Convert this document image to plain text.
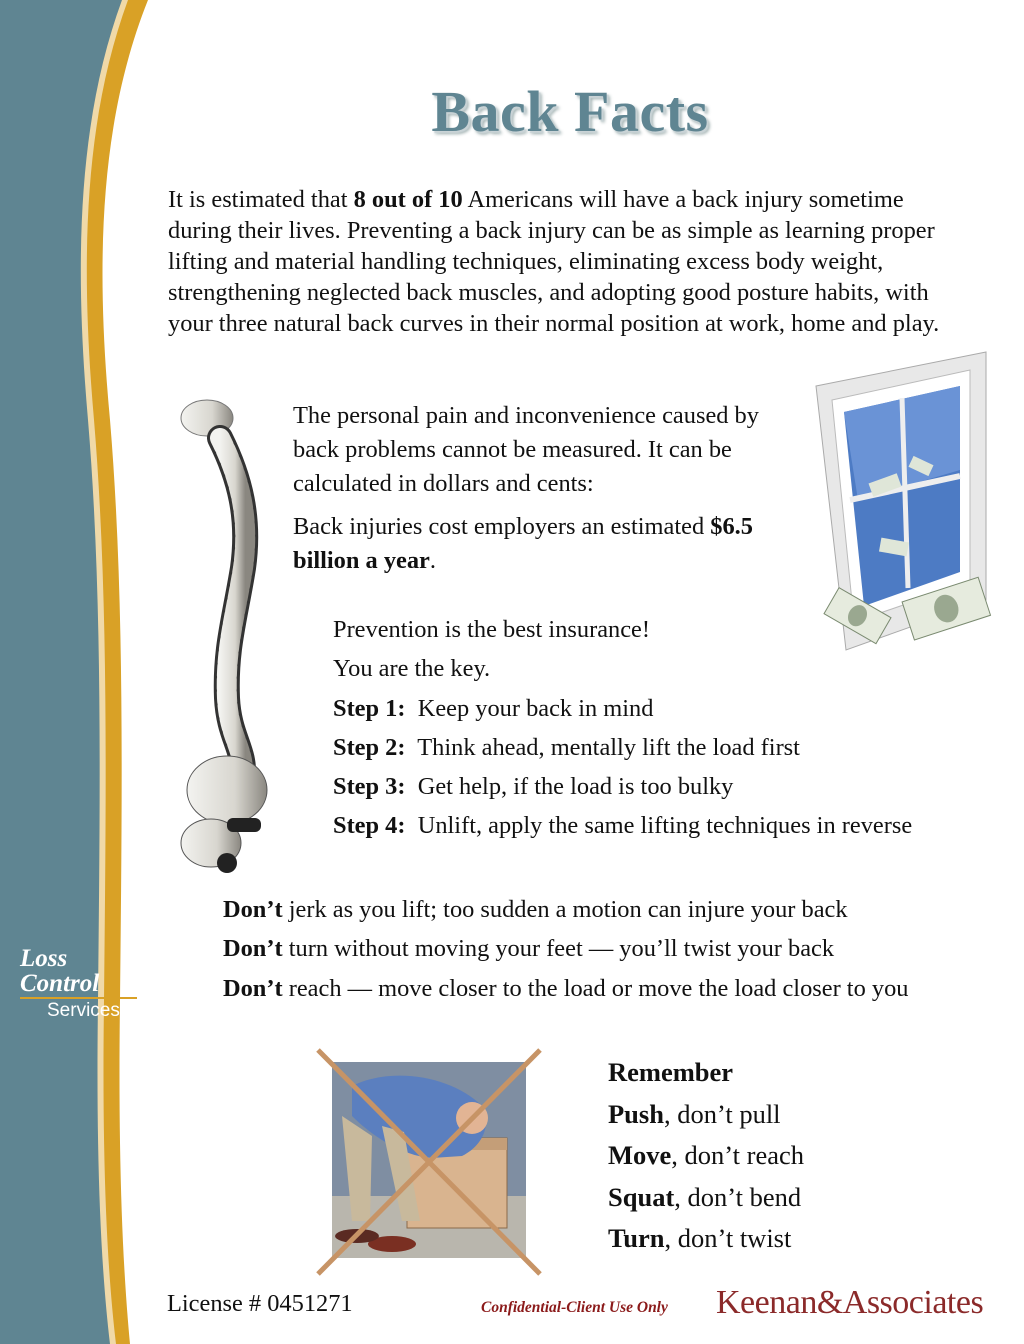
Loss
Control
Services
Back Facts
It is estimated that 8 out of 10 Americans will have a back injury sometime during their lives. Preventing a back injury can be as simple as learning proper lifting and material handling techniques, eliminating excess body weight, strengthening neglected back muscles, and adopting good posture habits, with your three natural back curves in their normal position at work, home and play.
The personal pain and inconvenience caused by back problems cannot be measured. It can be calculated in dollars and cents:
Back injuries cost employers an estimated $6.5 billion a year.
Prevention is the best insurance!
You are the key.
Step 1: Keep your back in mind
Step 2: Think ahead, mentally lift the load first
Step 3: Get help, if the load is too bulky
Step 4: Unlift, apply the same lifting techniques in reverse
Don’t jerk as you lift; too sudden a motion can injure your back
Don’t turn without moving your feet — you’ll twist your back
Don’t reach — move closer to the load or move the load closer to you
Remember
Push, don’t pull
Move, don’t reach
Squat, don’t bend
Turn, don’t twist
License # 0451271	Confidential-Client Use Only Keenan&Associates
